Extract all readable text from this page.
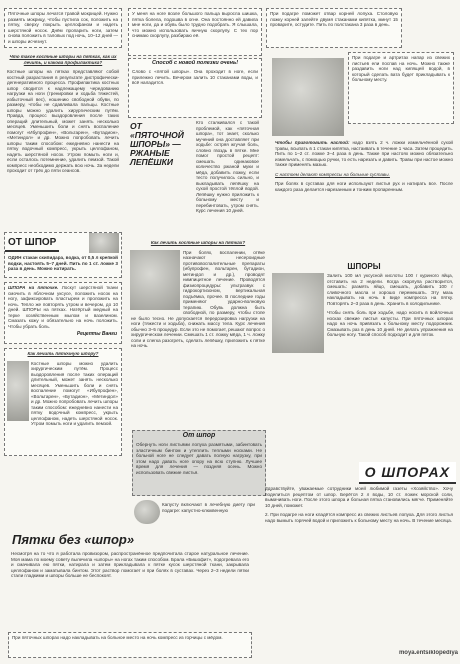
Пяточные шпоры лечатся травой мокрицей. Нужно размять мокрицу, чтобы пустила сок, положить на пятку, сверху покрыть целлофаном и надеть шерстяной носок. Днём пропарить ноги, затем снова положить в таловых под ночь, 10–12 дней — и шпоры исчезнут.

Что такое костные шпоры на пятках, как их лечить, и какова профилактика?

Костные шпоры на пятках представляют собой костный разрастания в результате дистрофически-дегенеративного процесса. Профилактика костных шпор сводится к надлежащему чередованию нагрузки на ноги (тренировки и ходьба тяжестей, избыточный вес), ношению свободной обуви, по размеру, чтобы не сдавливала пальцы. Костные шпоры можно удалить хирургическим путём. Правда, процесс выздоровления после таких операций длительный, может занять несколько месяцев. Уменьшить боли и снять воспаление помогут «Ибупрофен», «Вольтарен», «Бутадион», «Метиндол» и др. Можно попробовать лечить шпоры таким способом: ежедневно нанести на пятку водочный компресс, укрыть целлофаном, надеть шерстяной носок. Утром помыть ноги и, если осталось потемнение, удалить пемзой. Такой компресс необходимо держать всю ночь. За недели проходит от трёх до пяти сеансов.

ОТ ШПОР

ОДИН стакан скипидара, водка, от 0,5 л крепкой водки, настоять 5–7 дней. Пить по 1 ст. ложке 3 раза в день. Можно натирать.

ШПОРА на пяточке. Лоскут шерстяной ткани смочить в яблочном уксусе, положить носок на ногу, зафиксировать пластырем и проложить на ночь. Тепло же повторять утром и вечером, до 10 дней. ШПОРЫ на пятках. Натёртый медный на терке хозяйственным мылом и вазелином. Смазать кожу и обязательно на ночь положить. Чтобы убрать боль.

Рецепты Ванги

Как лечить пяточную шпору?

Костные шпоры можно удалить хирургическим путём. Процесс выздоровления после таких операций длительный, может занять несколько месяцев. Уменьшить боли и снять воспаление помогут «Ибупрофен», «Вольтарен», «Бутадион», «Метиндол» и др. Можно попробовать лечить шпоры таким способом: ежедневно нанести на пятку водочный компресс, укрыть целлофаном, надеть шерстяной носок. Утром помыть ноги и удалить пемзой.

У меня на ноге возле большого пальца выросла шишка, пятка болела, подошва в огне. Она постоянно ей давила мне ноги, да и обувь было трудно подобрать. Я слышала, что можно использовать яичную скорлупу. С тех пор снимаю скорлупу, разбираю её.

При подагре поможет отвар корней лопуха. Столовую ложку корней залейте двумя стаканами кипятка, минут 15 проварите, остудите. Пить по полстакана 3 раза в день.

Способ с новой полезки очень!

Слово с «пятой шпоры». Она проходит в ноге, если прилежно лечить. Вечером залить 10 стаканами воды, и всё наладится.

ОТ «ПЯТОЧНОЙ ШПОРЫ» — РЖАНЫЕ ЛЕПЁШКИ

Кто сталкивался с такой проблемой, как «пяточная шпора», тот знает, сколько мучений она доставляет при ходьбе: остряя жгучая боль, словно гвоздь в пятке. Мне помог простой рецепт: смешать одинаковое количество ржаной муки и мёда, добавить ложку, если тесто получилось сильно, и выкладывать лепёшку на сухой простой тёплой водой. Лепёшку нужно приложить к больному месту и перебинтовать, утром снять. Курс лечения 10 дней.

Как лечить костные шпоры на пятках?

При болях, воспалении, отёке назначают несероидные противовоспалительные препараты (ибупрофен, вольтарен, бутадион, метиндол и др.), проводят нимпицитное лечение. Проводятся физиопроцедуры: ультразвук с гидрокортизоном, вертикальная подъёмка, прочее. В последние годы применяют ударно-волновую терапию. Обувь должна быть свободной, по размеру, чтобы стопе не было тесно. Не допускается передозировка нагрузки на ноги (тяжести и ходьба), снижать массу тела. Курс лечения обычно 3–5 процедур. Если это не помогает, решают вопрос о хирургическом лечении. Смешать 1 ст. ложку мёда, 1 ч. ложку соли и слегка разогреть, сделать лепёшку, приложить к пятке на ночь.

От шпор

Обернуть ноги листьями лопуха размятыми, забинтовать эластичным бинтом и утеплить теплыми носками. Не больной ноге не следует давать полную нагрузку, при этом надо давать ноге опору на всю ступню. Лучшее время для лечения — поздняя осень. Можно использовать свежие листья.

Капусту включают в лечебную диету при подагре: капустно-клюквенную

Пятки без «шпор»

Несмотря на то что я работала провизором, распространённое предпочитала старое натуральное лечение. Моя мама по моему совету вылечила «шпоры» на ногах таким способом. Брала «Бишофит», подогревала его и смачивала ею пятки, натирала и затем прикладывала к пятке кусок шерстяной ткани, закрывала целлофаном и заматывала бинтом. Этот раствор помогает и при болях в суставах. Через 2–3 недели пятки стали гладкими и шпоры больше не беспокоят.

При пяточных шпорах надо накладывать на больное место на ночь компресс из горчицы с мёдом.

При подагре и артритах напар из свежих листьев ели поспав на ночь. Можно также раздавить ноги над кипящей водой, в который сделать вата будет прикладывать к больному месту.

Чтобы приготовить настой: надо взять 2 ч. ложки измельчённой сухой травы, всыпать в 1 стакан кипятка, настаивать в течение 1 часа. Затем процедить. Пить по 1–2 ст. ложке 3–4 раза в день. Также при настоях можно обязательно измельчать, с помощью ручки, то есть нарезать и давить. Травы при настое можно также применять мазью.

С настоем делают компрессы на больные суставы.

При болях в суставах для ноги используют листья рух и натирать все. После каждого раза делается нарезанным и тонким пропаренным.

ШПОРЫ

Залить 100 мл уксусной кислоты 100 г куриного яйца, отставить на 2 недели. Когда скорлупа растворится, смешать: размять яйцо, смешать, добавить 100 г сливочного масла и хорошо перемешать. Эту мазь накладывать на ночь в виде компресса на пятку. Повторять 2–3 раза в день. Хранить в холодильнике.

Чтобы снять боль при ходьбе, надо носить в войлочных носках свежие листья капусты. При пяточных шпорах надо на ночь привязать к больному месту подорожник. Смазывать раз в день 10 дней. Не делать упражнения на больную ногу. Такой способ подходит и для пяток.

О ШПОРАХ

Здравствуйте, уважаемые сотрудники моей любимой газеты «Хозяйство». Хочу поделиться рецептом от шпор. Берётся 2 л воды, 10 ст. ложек морской соли, вымачивать ноги. После этого шпора и больная пятка становились мягче. Применяйте 10 дней, поможет.

2. При подагре на ноги кладётся компресс из свежих листьев лопуха. Для этого листья надо вымыть горячей водой и приложить к больному месту на ночь. В течение месяца.

moya.entsiklopediya
